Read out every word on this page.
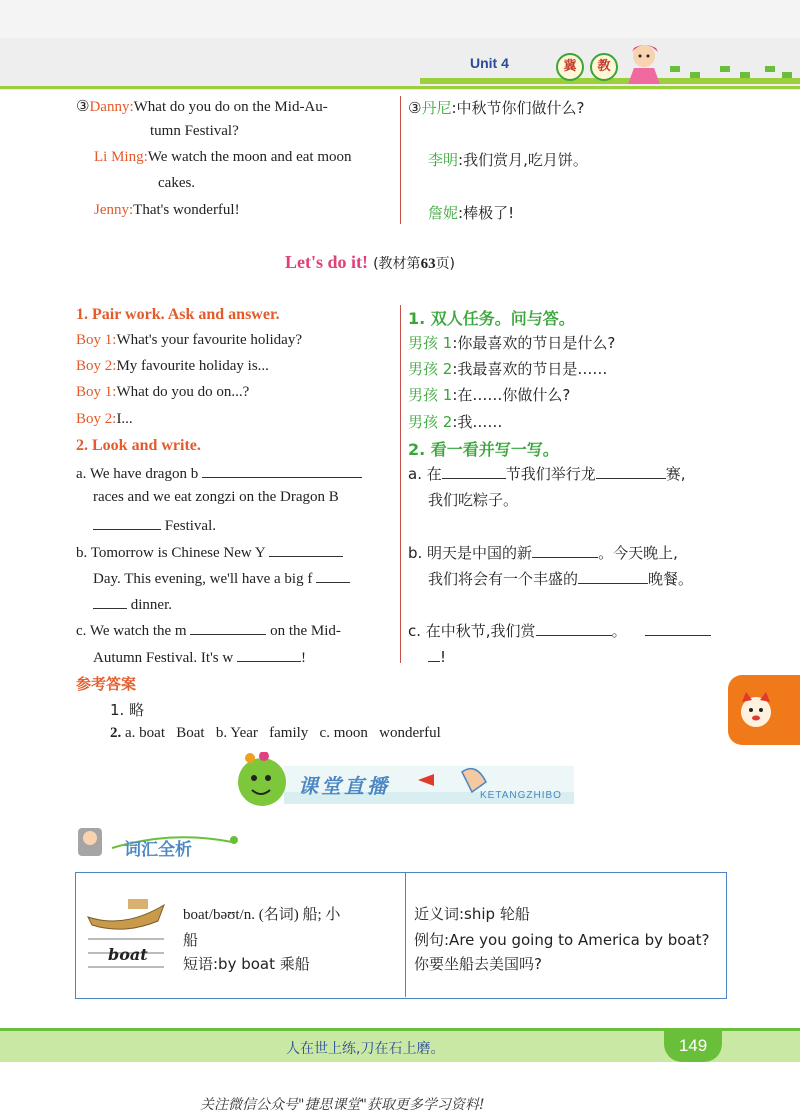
Unit 4	冀	教
③Danny:What do you do on the Mid-Au-
tumn Festival?
Li Ming:We watch the moon and eat moon
cakes.
Jenny:That's wonderful!
③丹尼:中秋节你们做什么?
李明:我们赏月,吃月饼。
詹妮:棒极了!
Let's do it! (教材第63页)
1. Pair work. Ask and answer.
Boy 1:What's your favourite holiday?
Boy 2:My favourite holiday is...
Boy 1:What do you do on...?
Boy 2:I...
1. 双人任务。问与答。
男孩 1:你最喜欢的节日是什么?
男孩 2:我最喜欢的节日是……
男孩 1:在……你做什么?
男孩 2:我……
2. Look and write.
a. We have dragon b
races and we eat zongzi on the Dragon B
Festival.
b. Tomorrow is Chinese New Y
Day. This evening, we'll have a big f
dinner.
c. We watch the m	on the Mid-
Autumn Festival. It's w	!
2. 看一看并写一写。
a. 在	节我们举行龙	赛,
我们吃粽子。
b. 明天是中国的新	。今天晚上,
我们将会有一个丰盛的	晚餐。
c. 在中秋节,我们赏	。
!
参考答案
1. 略
2. a. boat   Boat   b. Year   family   c. moon   wonderful
课堂直播	KETANGZHIBO
词汇全析
boat
boat/bəʊt/n. (名词) 船; 小
船
短语:by boat 乘船
近义词:ship 轮船
例句:Are you going to America by boat?
你要坐船去美国吗?
人在世上练,刀在石上磨。	149
关注微信公众号"捷思课堂"获取更多学习资料!
